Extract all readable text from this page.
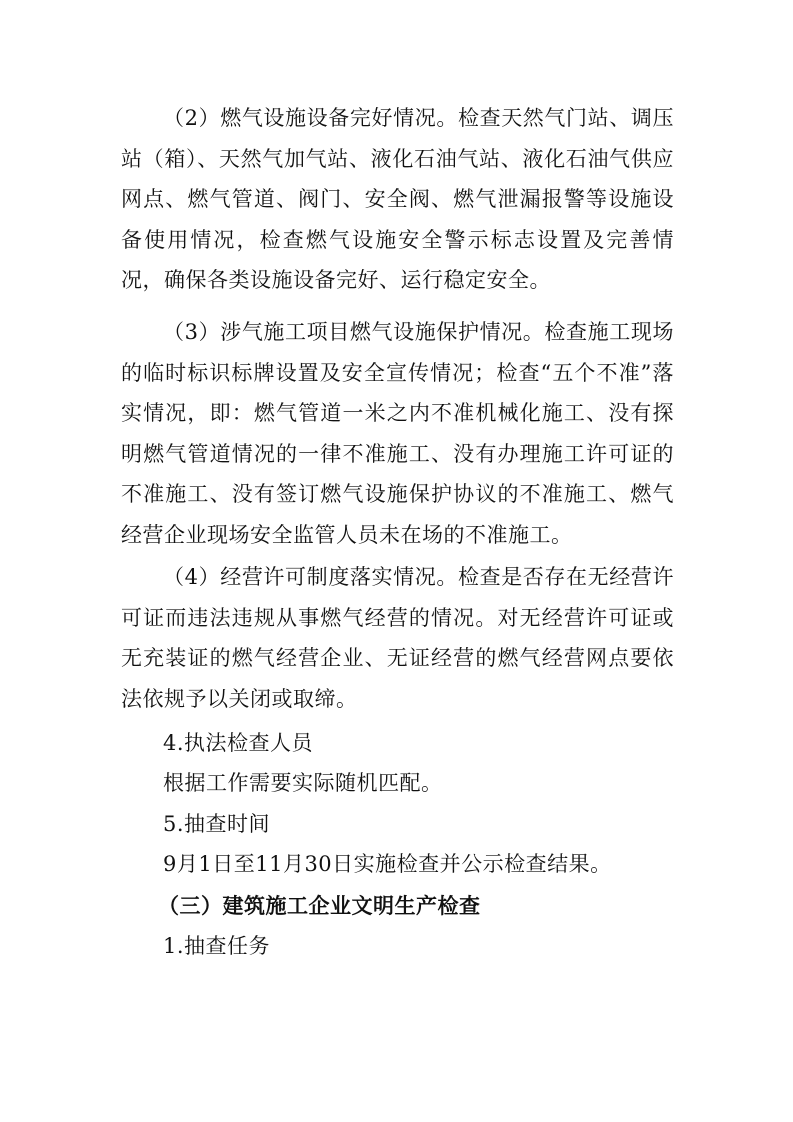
（2）燃气设施设备完好情况。检查天然气门站、调压站（箱）、天然气加气站、液化石油气站、液化石油气供应网点、燃气管道、阀门、安全阀、燃气泄漏报警等设施设备使用情况，检查燃气设施安全警示标志设置及完善情况，确保各类设施设备完好、运行稳定安全。

（3）涉气施工项目燃气设施保护情况。检查施工现场的临时标识标牌设置及安全宣传情况；检查“五个不准”落实情况，即：燃气管道一米之内不准机械化施工、没有探明燃气管道情况的一律不准施工、没有办理施工许可证的不准施工、没有签订燃气设施保护协议的不准施工、燃气经营企业现场安全监管人员未在场的不准施工。

（4）经营许可制度落实情况。检查是否存在无经营许可证而违法违规从事燃气经营的情况。对无经营许可证或无充装证的燃气经营企业、无证经营的燃气经营网点要依法依规予以关闭或取缔。

4.执法检查人员

根据工作需要实际随机匹配。

5.抽查时间

9月1日至11月30日实施检查并公示检查结果。

（三）建筑施工企业文明生产检查

1.抽查任务
